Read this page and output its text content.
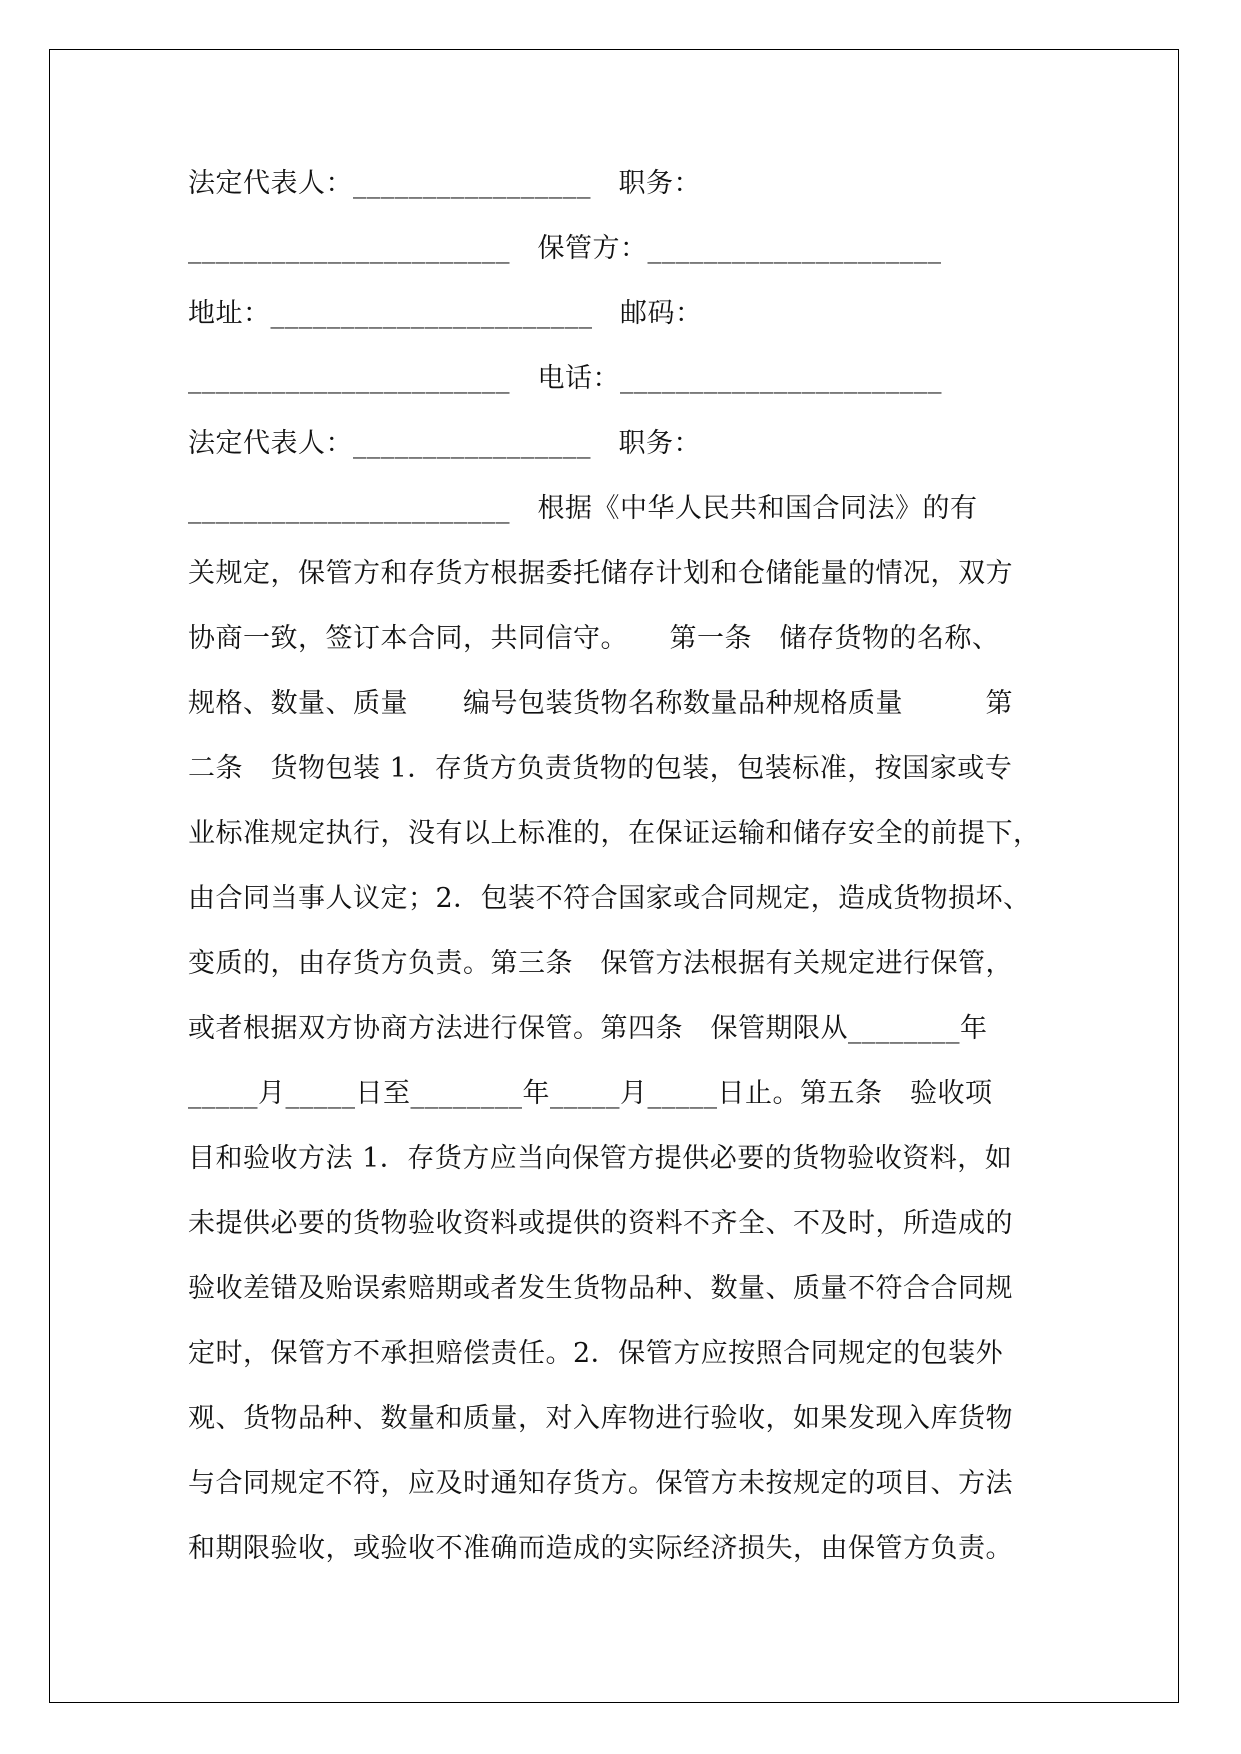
法定代表人：_________________　职务：

_______________________　保管方：_____________________

地址：_______________________　邮码：

_______________________　电话：_______________________

法定代表人：_________________　职务：

_______________________　根据《中华人民共和国合同法》的有

关规定，保管方和存货方根据委托储存计划和仓储能量的情况，双方

协商一致，签订本合同，共同信守。　　第一条　储存货物的名称、

规格、数量、质量　　编号包装货物名称数量品种规格质量　　　第

二条　货物包装 1．存货方负责货物的包装，包装标准，按国家或专

业标准规定执行，没有以上标准的，在保证运输和储存安全的前提下，

由合同当事人议定；2．包装不符合国家或合同规定，造成货物损坏、

变质的，由存货方负责。第三条　保管方法根据有关规定进行保管，

或者根据双方协商方法进行保管。第四条　保管期限从________年

_____月_____日至________年_____月_____日止。第五条　验收项

目和验收方法 1．存货方应当向保管方提供必要的货物验收资料，如

未提供必要的货物验收资料或提供的资料不齐全、不及时，所造成的

验收差错及贻误索赔期或者发生货物品种、数量、质量不符合合同规

定时，保管方不承担赔偿责任。2．保管方应按照合同规定的包装外

观、货物品种、数量和质量，对入库物进行验收，如果发现入库货物

与合同规定不符，应及时通知存货方。保管方未按规定的项目、方法

和期限验收，或验收不准确而造成的实际经济损失，由保管方负责。
